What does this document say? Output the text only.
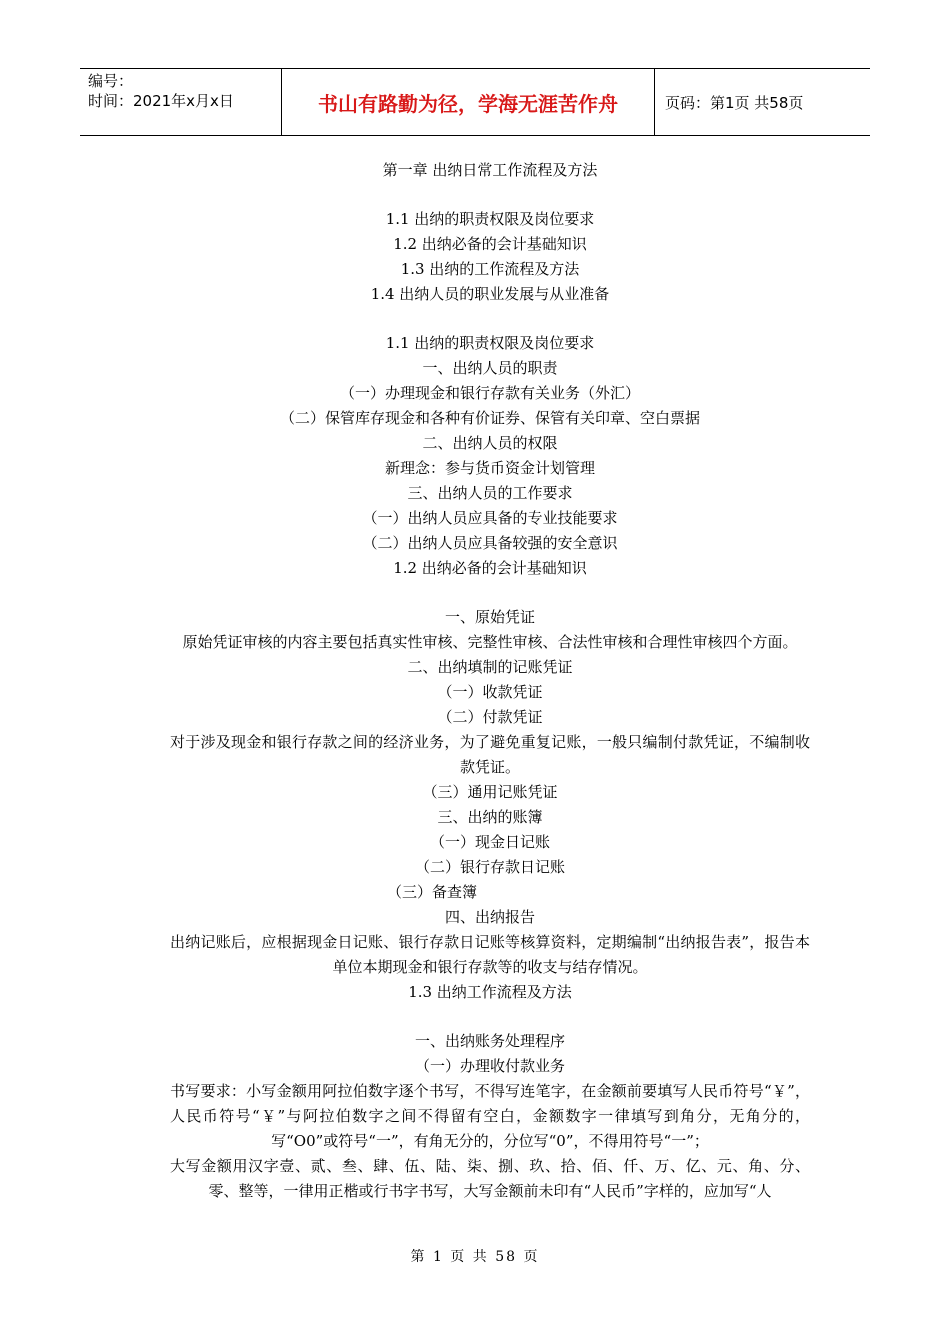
编号：
时间：2021年x月x日	书山有路勤为径，学海无涯苦作舟	页码：第1页 共58页
第一章 出纳日常工作流程及方法
1.1 出纳的职责权限及岗位要求
1.2 出纳必备的会计基础知识
1.3 出纳的工作流程及方法
1.4 出纳人员的职业发展与从业准备
1.1 出纳的职责权限及岗位要求
一、出纳人员的职责
（一）办理现金和银行存款有关业务（外汇）
（二）保管库存现金和各种有价证券、保管有关印章、空白票据
二、出纳人员的权限
新理念：参与货币资金计划管理
三、出纳人员的工作要求
（一）出纳人员应具备的专业技能要求
（二）出纳人员应具备较强的安全意识
1.2 出纳必备的会计基础知识
一、原始凭证
原始凭证审核的内容主要包括真实性审核、完整性审核、合法性审核和合理性审核四个方面。
二、出纳填制的记账凭证
（一）收款凭证
（二）付款凭证
对于涉及现金和银行存款之间的经济业务，为了避免重复记账，一般只编制付款凭证，不编制收款凭证。
（三）通用记账凭证
三、出纳的账簿
（一）现金日记账
（二）银行存款日记账
（三）备查簿
四、出纳报告
出纳记账后，应根据现金日记账、银行存款日记账等核算资料，定期编制“出纳报告表”，报告本单位本期现金和银行存款等的收支与结存情况。
1.3 出纳工作流程及方法
一、出纳账务处理程序
（一）办理收付款业务
书写要求：小写金额用阿拉伯数字逐个书写，不得写连笔字，在金额前要填写人民币符号“￥”，人民币符号“￥”与阿拉伯数字之间不得留有空白，金额数字一律填写到角分，无角分的，写“O0”或符号“一”，有角无分的，分位写“0”，不得用符号“一”；
大写金额用汉字壹、贰、叁、肆、伍、陆、柒、捌、玖、拾、佰、仟、万、亿、元、角、分、零、整等，一律用正楷或行书字书写，大写金额前未印有“人民币”字样的，应加写“人
第 1 页 共 58 页
